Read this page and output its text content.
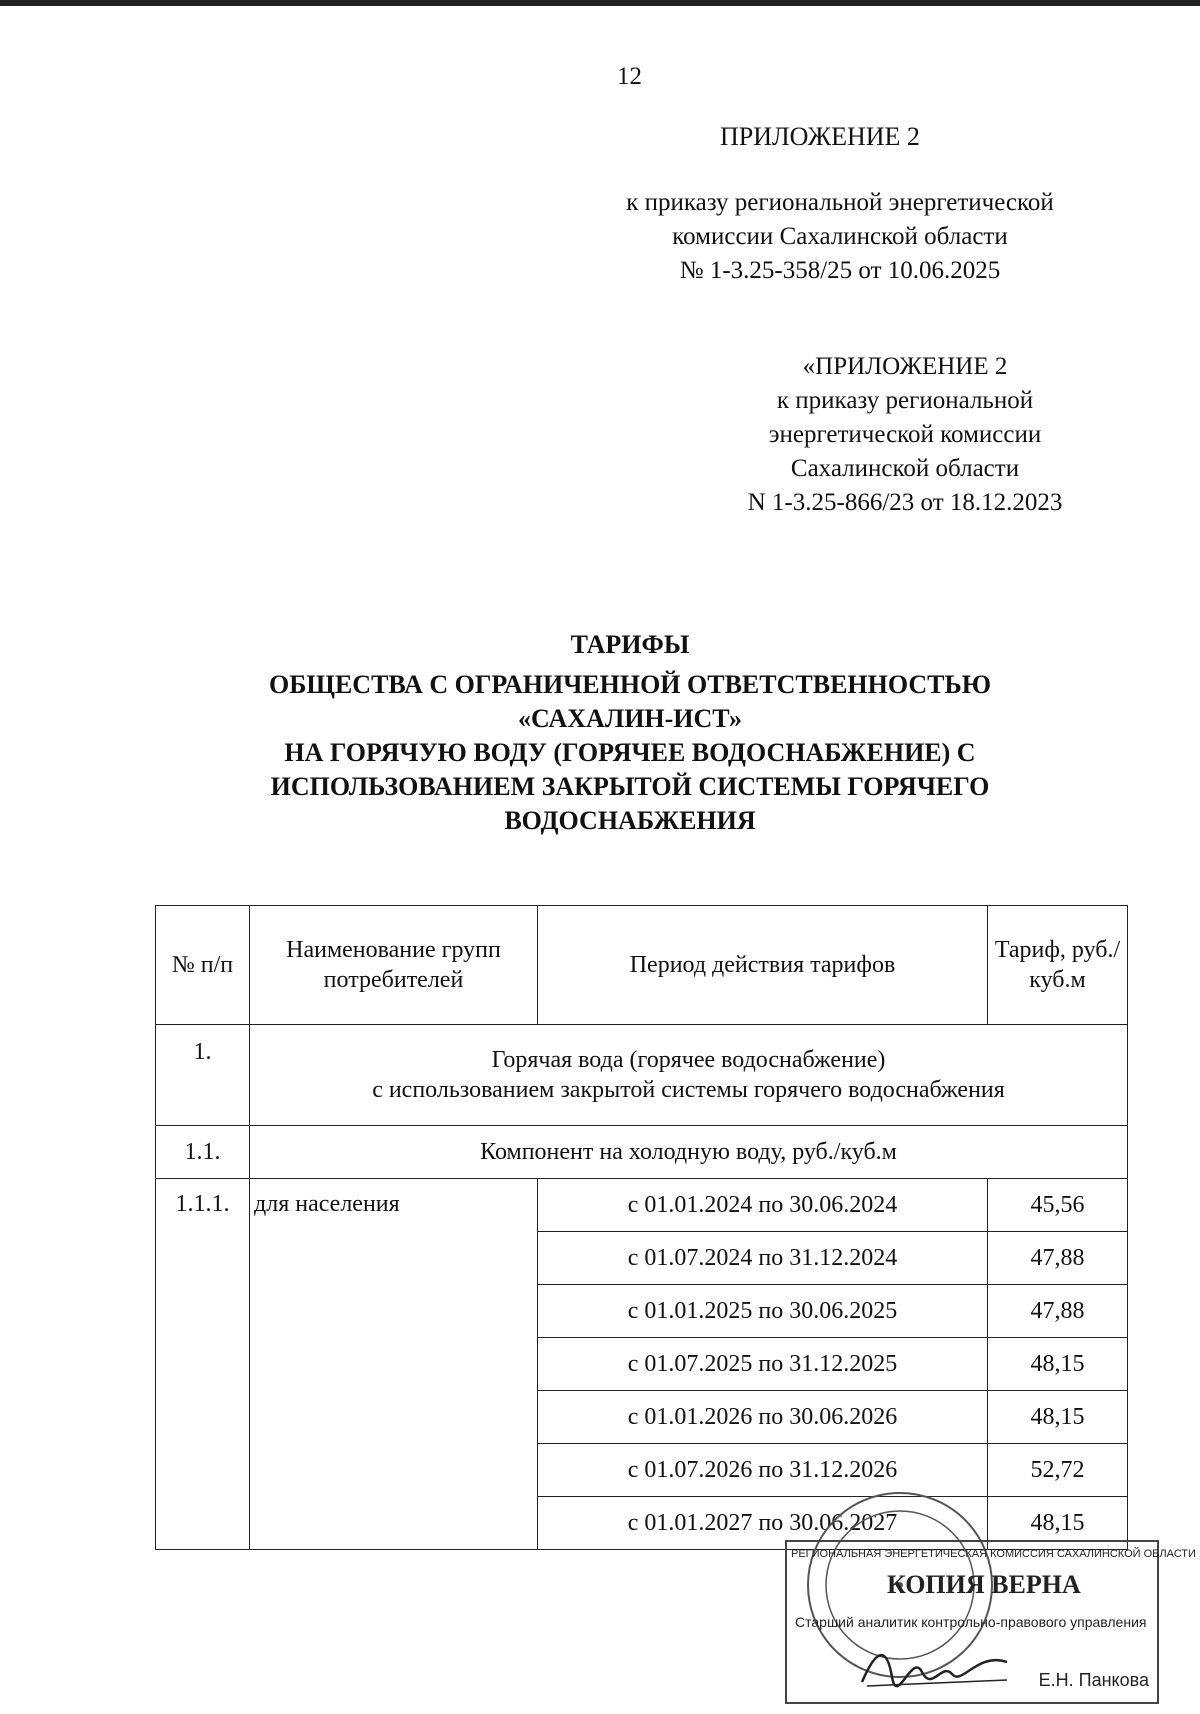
12
ПРИЛОЖЕНИЕ 2
к приказу региональной энергетической
комиссии Сахалинской области
№ 1-3.25-358/25 от 10.06.2025
«ПРИЛОЖЕНИЕ 2
к приказу региональной
энергетической комиссии
Сахалинской области
N 1-3.25-866/23 от 18.12.2023
ТАРИФЫ
ОБЩЕСТВА С ОГРАНИЧЕННОЙ ОТВЕТСТВЕННОСТЬЮ
«САХАЛИН-ИСТ»
НА ГОРЯЧУЮ ВОДУ (ГОРЯЧЕЕ ВОДОСНАБЖЕНИЕ) С
ИСПОЛЬЗОВАНИЕМ ЗАКРЫТОЙ СИСТЕМЫ ГОРЯЧЕГО
ВОДОСНАБЖЕНИЯ
№ п/п	Наименование групп потребителей	Период действия тарифов	Тариф, руб./куб.м
1.	Горячая вода (горячее водоснабжение)
с использованием закрытой системы горячего водоснабжения		

1.1.	Компонент на холодную воду, руб./куб.м		
1.1.1.	для населения	с 01.01.2024 по 30.06.2024	45,56
		с 01.07.2024 по 31.12.2024	47,88
		с 01.01.2025 по 30.06.2025	47,88
		с 01.07.2025 по 31.12.2025	48,15
		с 01.01.2026 по 30.06.2026	48,15
		с 01.07.2026 по 31.12.2026	52,72
		с 01.01.2027 по 30.06.2027	48,15
РЕГИОНАЛЬНАЯ ЭНЕРГЕТИЧЕСКАЯ КОМИССИЯ САХАЛИНСКОЙ ОБЛАСТИ
КОПИЯ ВЕРНА
Старший аналитик контрольно-правового управления
Е.Н. Панкова
